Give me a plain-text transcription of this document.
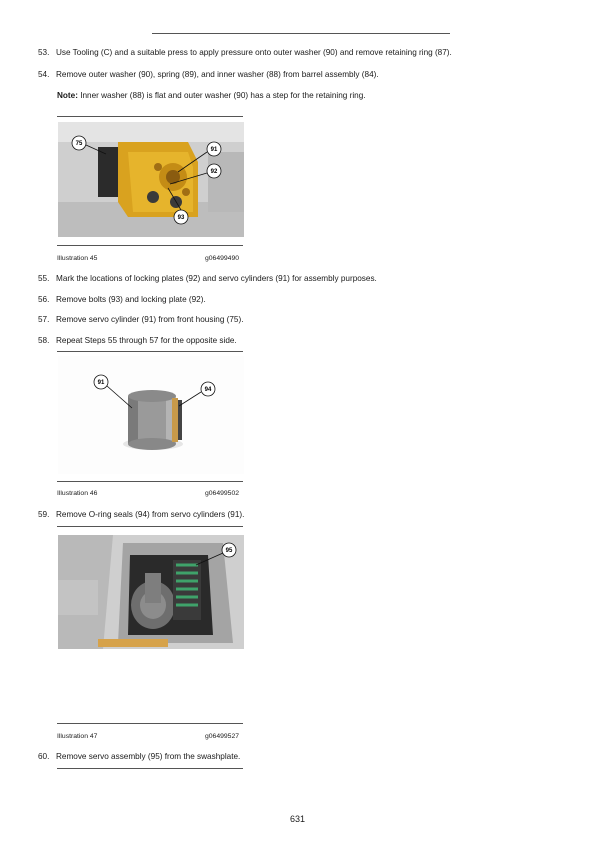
53. Use Tooling (C) and a suitable press to apply pressure onto outer washer (90) and remove retaining ring (87).
54. Remove outer washer (90), spring (89), and inner washer (88) from barrel assembly (84).
Note: Inner washer (88) is flat and outer washer (90) has a step for the retaining ring.
75
91
92
93
Illustration 45	g06499490
55. Mark the locations of locking plates (92) and servo cylinders (91) for assembly purposes.
56. Remove bolts (93) and locking plate (92).
57. Remove servo cylinder (91) from front housing (75).
58. Repeat Steps 55 through 57 for the opposite side.
91
94
Illustration 46	g06499502
59. Remove O-ring seals (94) from servo cylinders (91).
95
Illustration 47	g06499527
60. Remove servo assembly (95) from the swashplate.
631
